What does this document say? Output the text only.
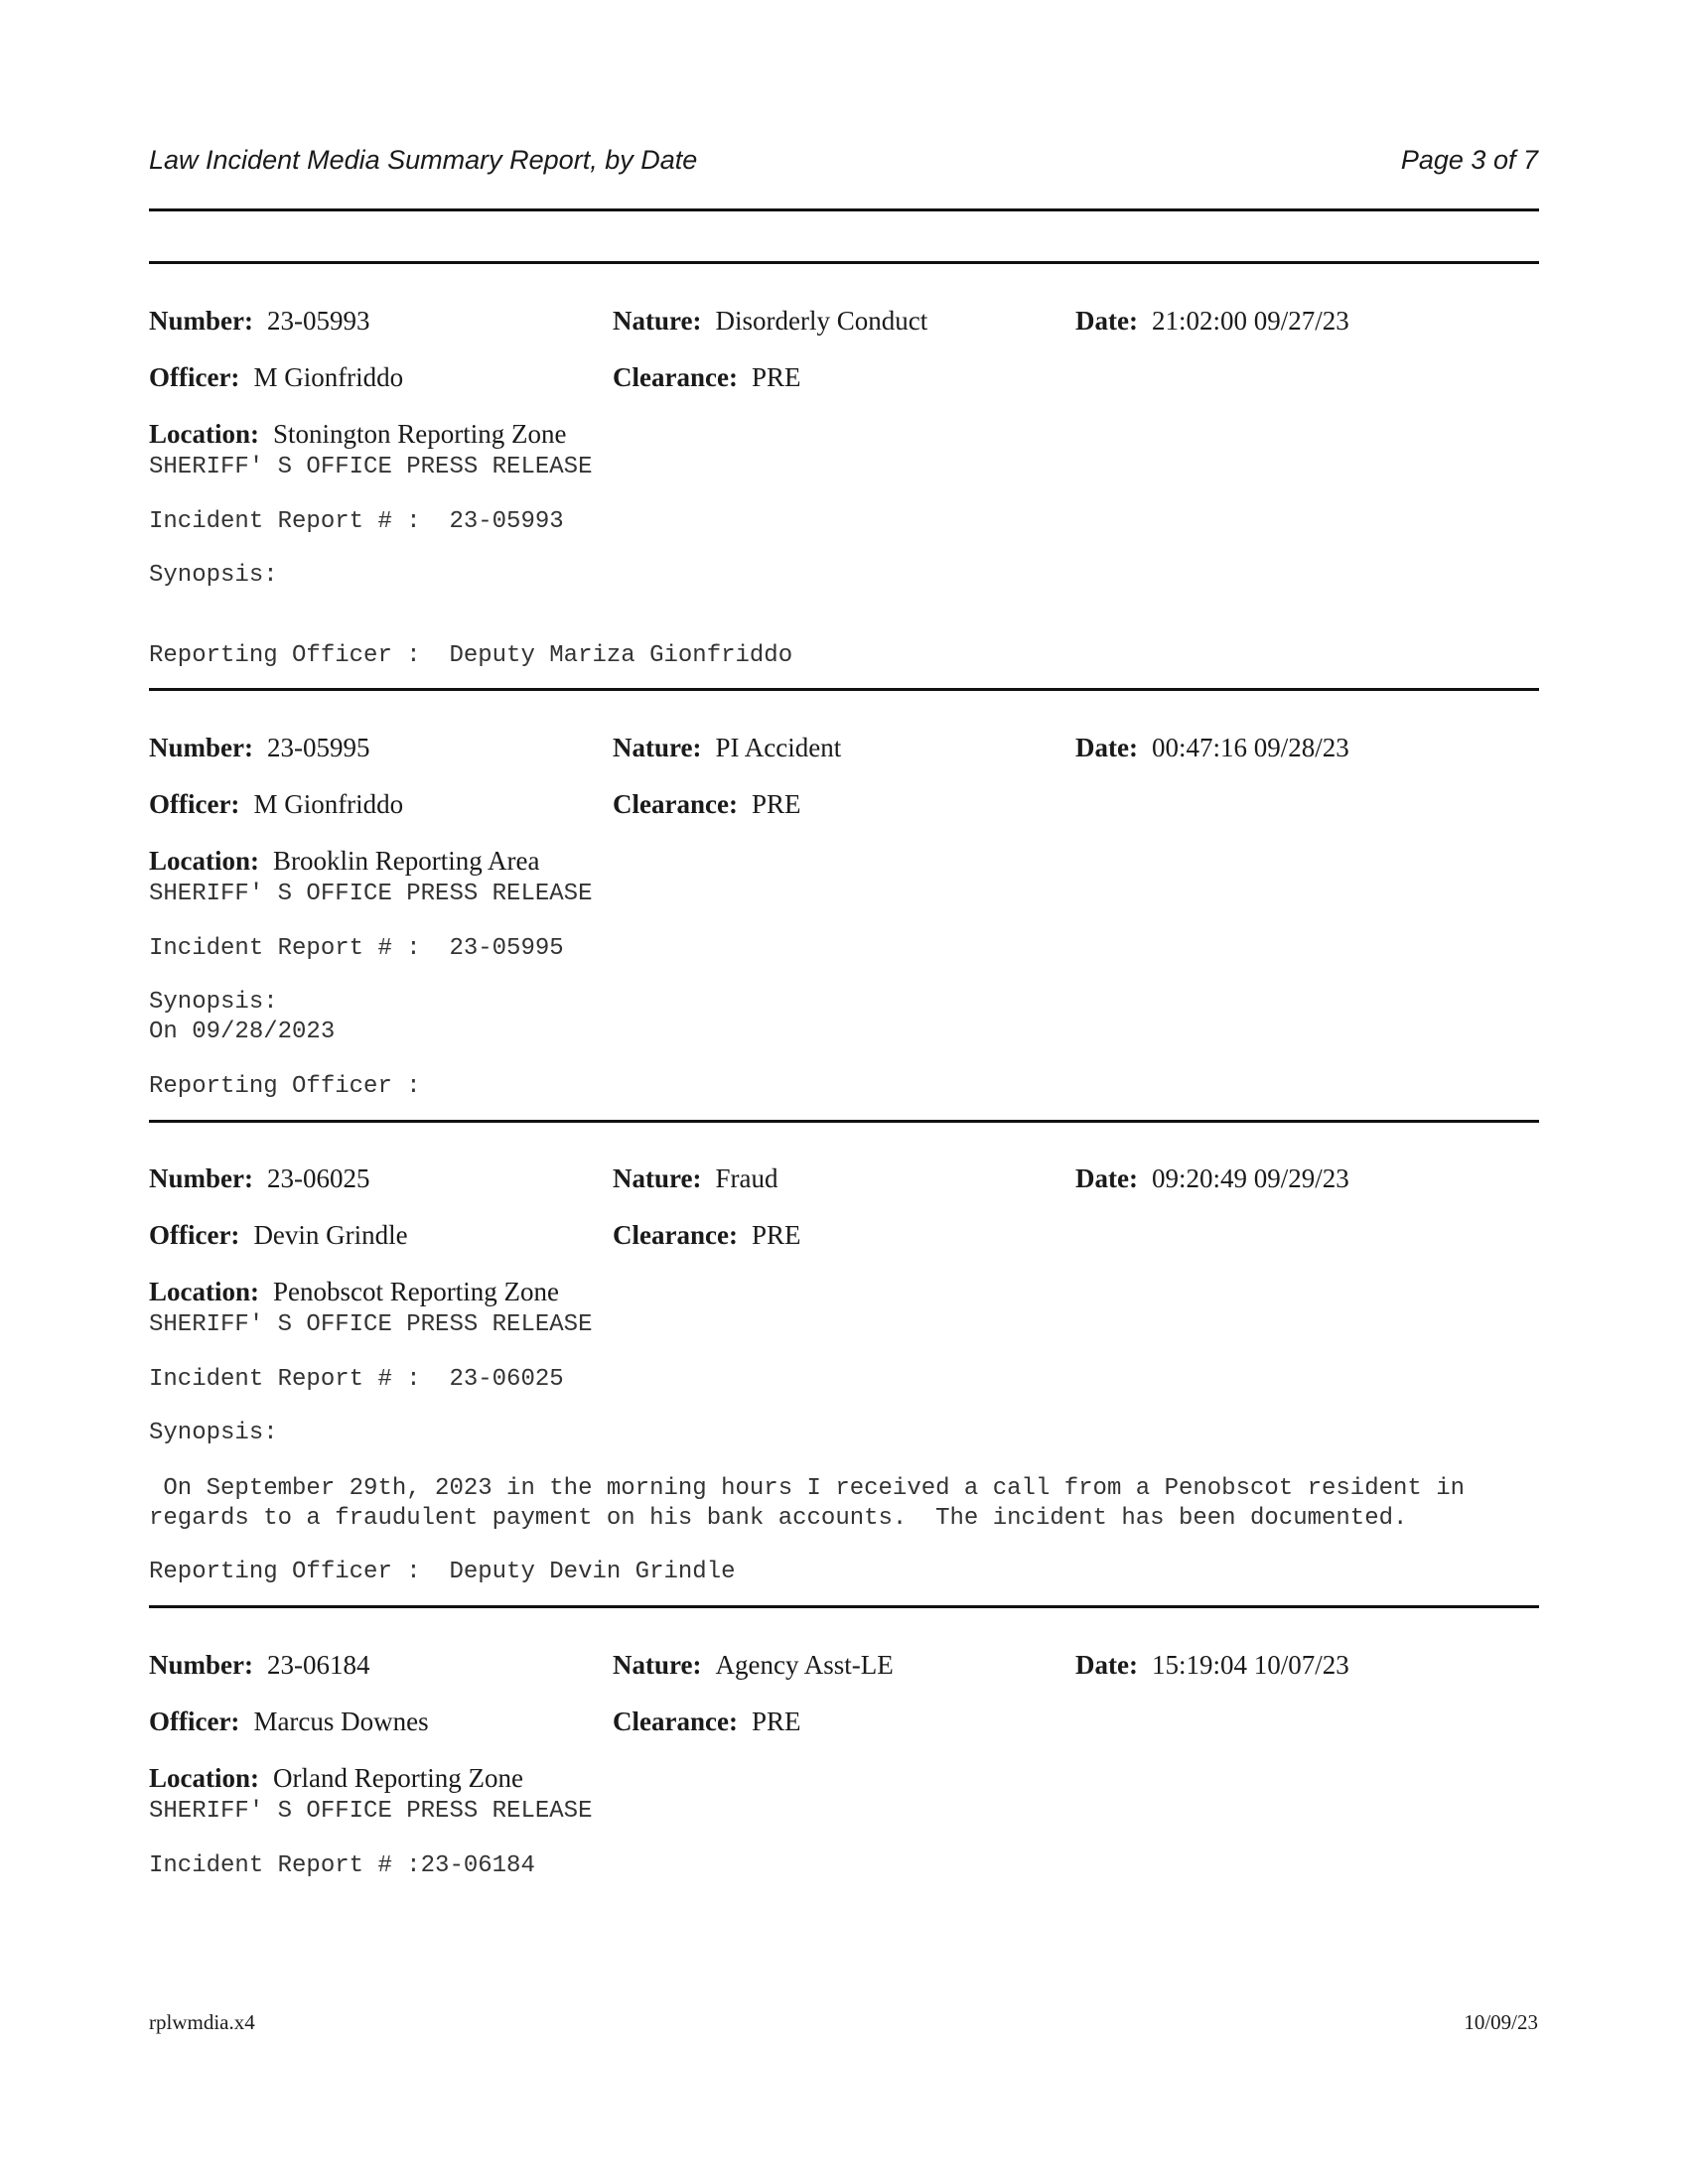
Law Incident Media Summary Report, by Date	Page 3 of 7
Number: 23-05993	Nature: Disorderly Conduct	Date: 21:02:00 09/27/23
Officer: M Gionfriddo	Clearance: PRE
Location: Stonington Reporting Zone
SHERIFF' S OFFICE PRESS RELEASE
Incident Report # :  23-05993
Synopsis:
Reporting Officer :  Deputy Mariza Gionfriddo
Number: 23-05995	Nature: PI Accident	Date: 00:47:16 09/28/23
Officer: M Gionfriddo	Clearance: PRE
Location: Brooklin Reporting Area
SHERIFF' S OFFICE PRESS RELEASE
Incident Report # :  23-05995
Synopsis:
On 09/28/2023
Reporting Officer :
Number: 23-06025	Nature: Fraud	Date: 09:20:49 09/29/23
Officer: Devin Grindle	Clearance: PRE
Location: Penobscot Reporting Zone
SHERIFF' S OFFICE PRESS RELEASE
Incident Report # :  23-06025
Synopsis:
On September 29th, 2023 in the morning hours I received a call from a Penobscot resident in
regards to a fraudulent payment on his bank accounts.  The incident has been documented.
Reporting Officer :  Deputy Devin Grindle
Number: 23-06184	Nature: Agency Asst-LE	Date: 15:19:04 10/07/23
Officer: Marcus Downes	Clearance: PRE
Location: Orland Reporting Zone
SHERIFF' S OFFICE PRESS RELEASE
Incident Report # :23-06184
rplwmdia.x4	10/09/23
